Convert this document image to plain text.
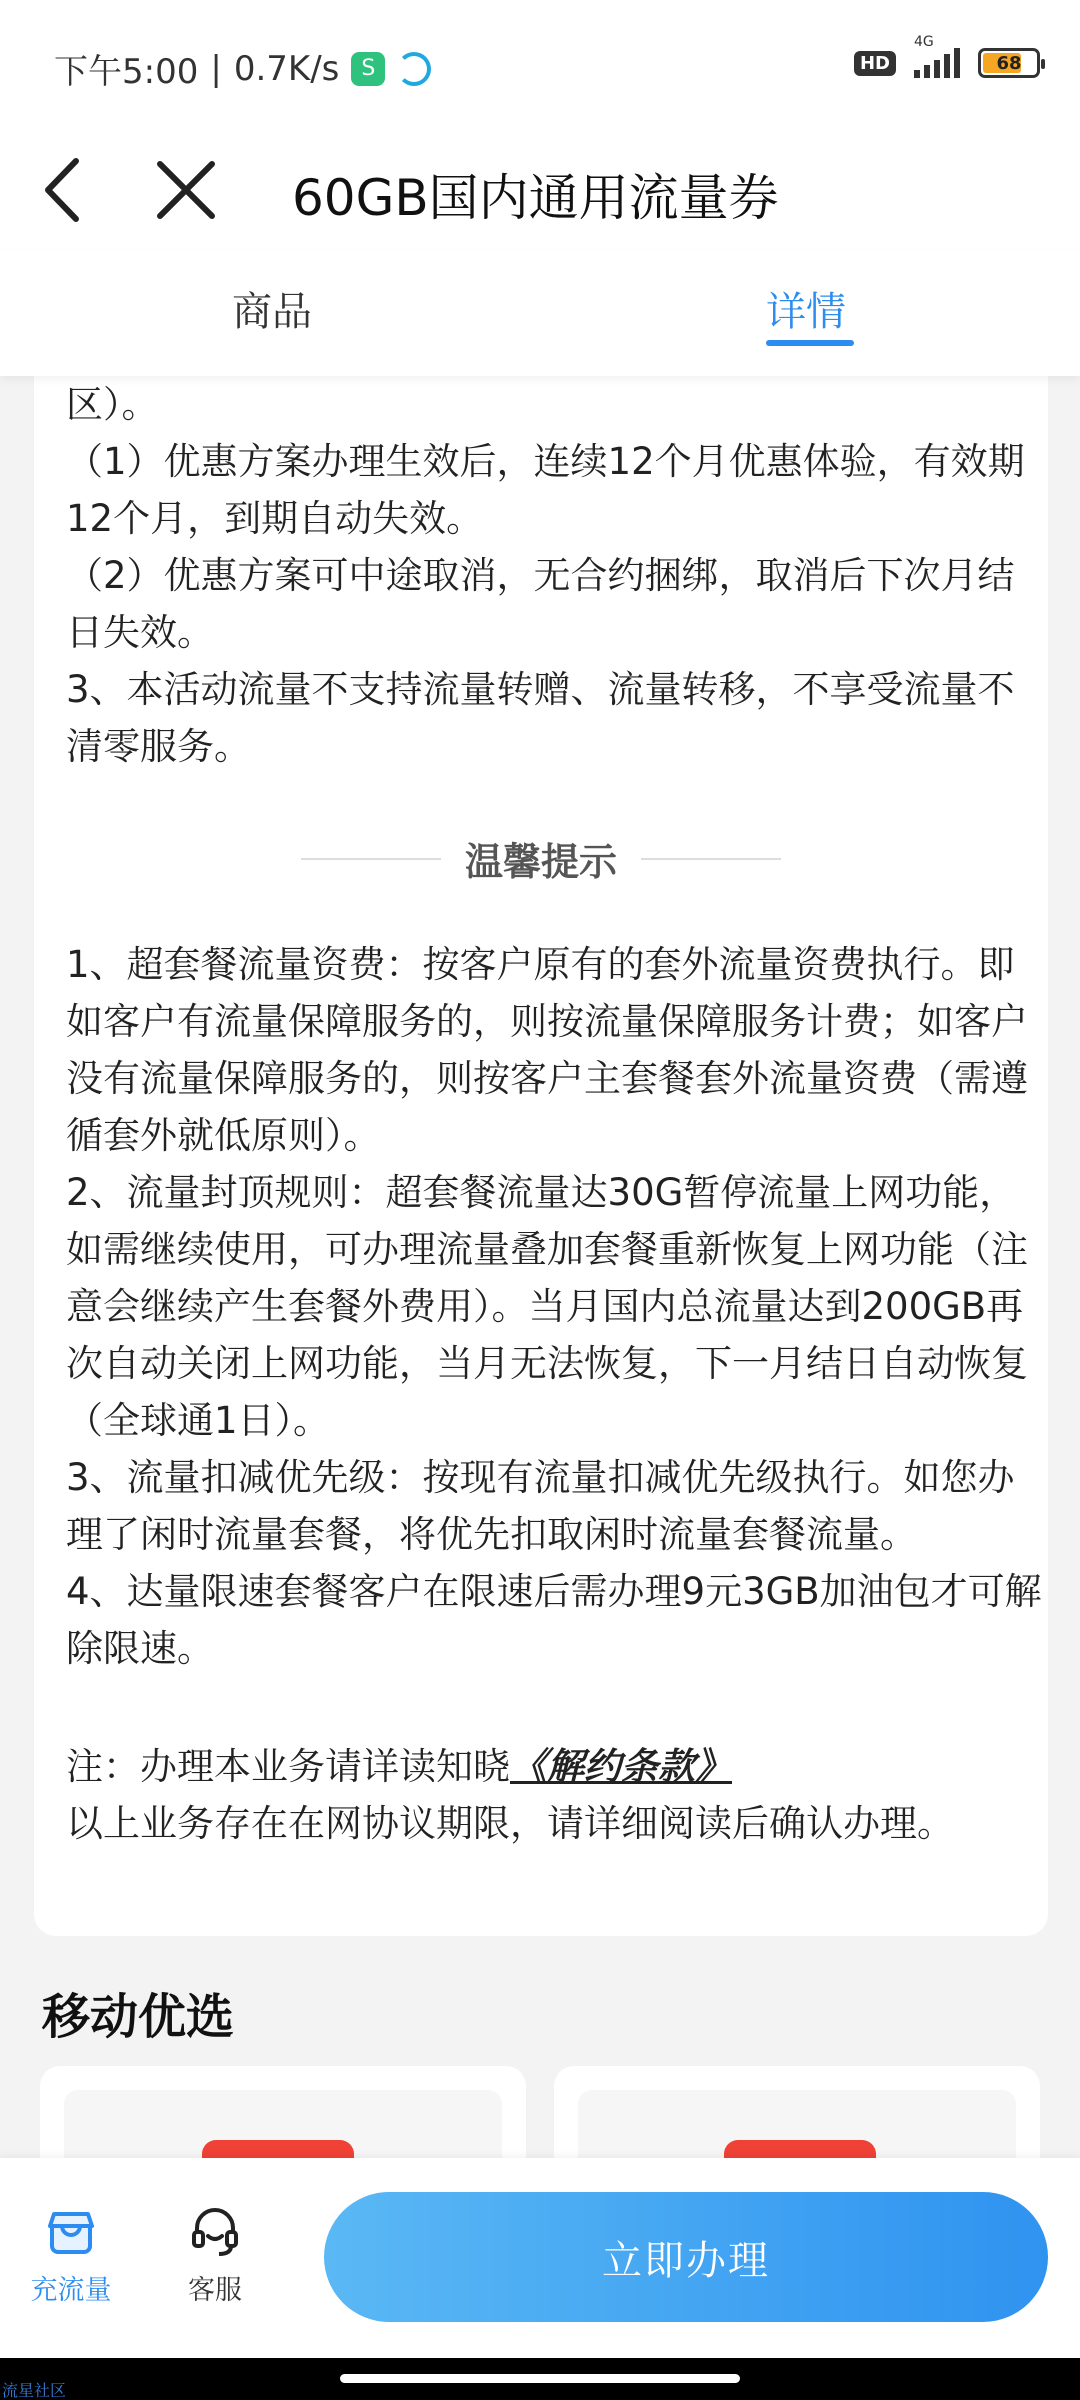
下午5:00 | 0.7K/s	S	HD
4G
68
60GB国内通用流量券
商品	详情
区）。
（1）优惠方案办理生效后，连续12个月优惠体验，有效期12个月，到期自动失效。
（2）优惠方案可中途取消，无合约捆绑，取消后下次月结日失效。
3、本活动流量不支持流量转赠、流量转移，不享受流量不清零服务。
温馨提示
1、超套餐流量资费：按客户原有的套外流量资费执行。即如客户有流量保障服务的，则按流量保障服务计费；如客户没有流量保障服务的，则按客户主套餐套外流量资费（需遵循套外就低原则）。
2、流量封顶规则：超套餐流量达30G暂停流量上网功能，如需继续使用，可办理流量叠加套餐重新恢复上网功能（注意会继续产生套餐外费用）。当月国内总流量达到200GB再次自动关闭上网功能，当月无法恢复，下一月结日自动恢复（全球通1日）。
3、流量扣减优先级：按现有流量扣减优先级执行。如您办理了闲时流量套餐，将优先扣取闲时流量套餐流量。
4、达量限速套餐客户在限速后需办理9元3GB加油包才可解除限速。
注：办理本业务请详读知晓《解约条款》
以上业务存在在网协议期限，请详细阅读后确认办理。
移动优选
充流量	客服
立即办理
流星社区
